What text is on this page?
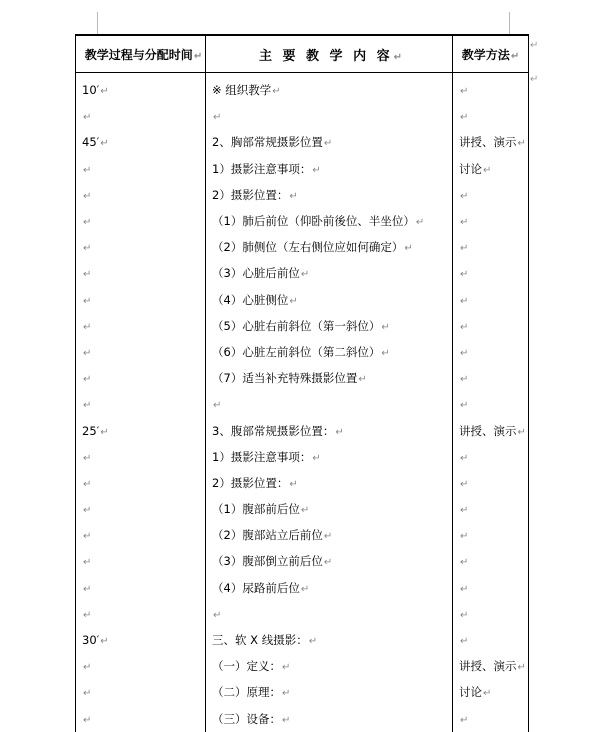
教学过程与分配时间↵	主 要 教 学 内 容↵	教学方法↵
10′↵	※ 组织教学↵	↵
↵	↵	↵
45′↵	2、胸部常规摄影位置↵	讲授、演示↵
↵	1）摄影注意事项：↵	讨论↵
↵	2）摄影位置：↵	↵
↵	（1）肺后前位（仰卧前後位、半坐位）↵	↵
↵	（2）肺侧位（左右侧位应如何确定）↵	↵
↵	（3）心脏后前位↵	↵
↵	（4）心脏侧位↵	↵
↵	（5）心脏右前斜位（第一斜位）↵	↵
↵	（6）心脏左前斜位（第二斜位）↵	↵
↵	（7）适当补充特殊摄影位置↵	↵
↵	↵	↵
25′↵	3、腹部常规摄影位置：↵	讲授、演示↵
↵	1）摄影注意事项：↵	↵
↵	2）摄影位置：↵	↵
↵	（1）腹部前后位↵	↵
↵	（2）腹部站立后前位↵	↵
↵	（3）腹部倒立前后位↵	↵
↵	（4）尿路前后位↵	↵
↵	↵	↵
30′↵	三、软 X 线摄影：↵	↵
↵	（一）定义：↵	讲授、演示↵
↵	（二）原理：↵	讨论↵
↵	（三）设备：↵	↵
↵
↵
